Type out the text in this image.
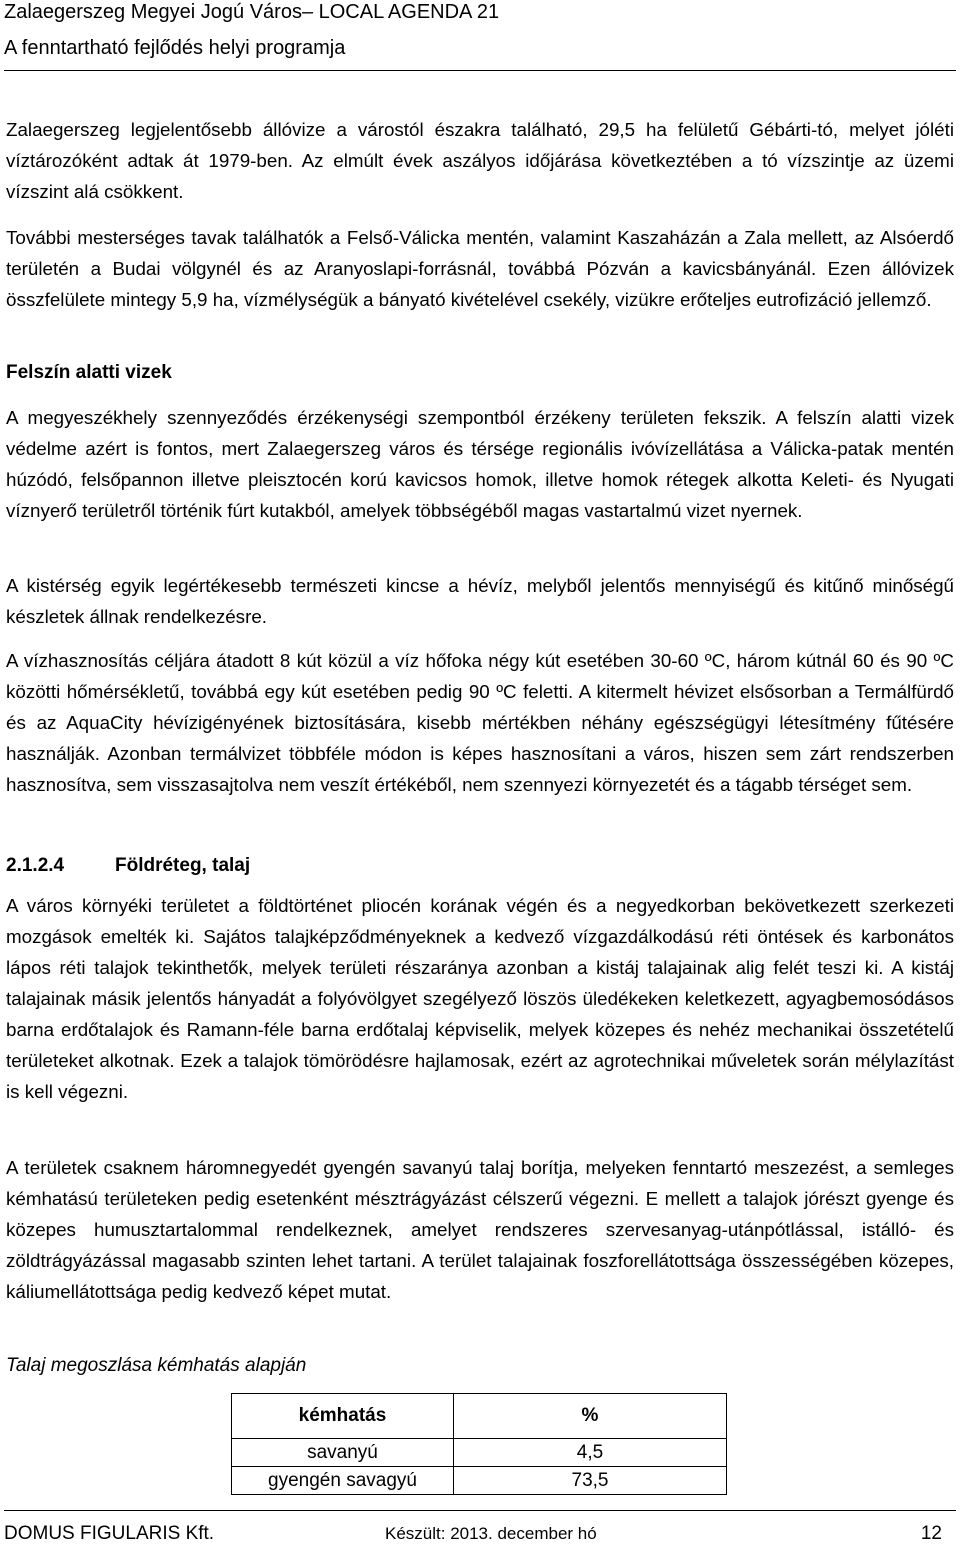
Zalaegerszeg Megyei Jogú Város– LOCAL AGENDA 21
A fenntartható fejlődés helyi programja

Zalaegerszeg legjelentősebb állóvize a várostól északra található, 29,5 ha felületű Gébárti-tó, melyet jóléti víztározóként adtak át 1979-ben. Az elmúlt évek aszályos időjárása következtében a tó vízszintje az üzemi vízszint alá csökkent.

További mesterséges tavak találhatók a Felső-Válicka mentén, valamint Kaszaházán a Zala mellett, az Alsóerdő területén a Budai völgynél és az Aranyoslapi-forrásnál, továbbá Pózván a kavicsbányánál. Ezen állóvizek összfelülete mintegy 5,9 ha, vízmélységük a bányató kivételével csekély, vizükre erőteljes eutrofizáció jellemző.

Felszín alatti vizek

A megyeszékhely szennyeződés érzékenységi szempontból érzékeny területen fekszik. A felszín alatti vizek védelme azért is fontos, mert Zalaegerszeg város és térsége regionális ivóvízellátása a Válicka-patak mentén húzódó, felsőpannon illetve pleisztocén korú kavicsos homok, illetve homok rétegek alkotta Keleti- és Nyugati víznyerő területről történik fúrt kutakból, amelyek többségéből magas vastartalmú vizet nyernek.

A kistérség egyik legértékesebb természeti kincse a hévíz, melyből jelentős mennyiségű és kitűnő minőségű készletek állnak rendelkezésre.

A vízhasznosítás céljára átadott 8 kút közül a víz hőfoka négy kút esetében 30-60 ºC, három kútnál 60 és 90 ºC közötti hőmérsékletű, továbbá egy kút esetében pedig 90 ºC feletti. A kitermelt hévizet elsősorban a Termálfürdő és az AquaCity hévízigényének biztosítására, kisebb mértékben néhány egészségügyi létesítmény fűtésére használják. Azonban termálvizet többféle módon is képes hasznosítani a város, hiszen sem zárt rendszerben hasznosítva, sem visszasajtolva nem veszít értékéből, nem szennyezi környezetét és a tágabb térséget sem.

2.1.2.4	Földréteg, talaj

A város környéki területet a földtörténet pliocén korának végén és a negyedkorban bekövetkezett szerkezeti mozgások emelték ki. Sajátos talajképződményeknek a kedvező vízgazdálkodású réti öntések és karbonátos lápos réti talajok tekinthetők, melyek területi részaránya azonban a kistáj talajainak alig felét teszi ki. A kistáj talajainak másik jelentős hányadát a folyóvölgyet szegélyező löszös üledékeken keletkezett, agyagbemosódásos barna erdőtalajok és Ramann-féle barna erdőtalaj képviselik, melyek közepes és nehéz mechanikai összetételű területeket alkotnak. Ezek a talajok tömörödésre hajlamosak, ezért az agrotechnikai műveletek során mélylazítást is kell végezni.

A területek csaknem háromnegyedét gyengén savanyú talaj borítja, melyeken fenntartó meszezést, a semleges kémhatású területeken pedig esetenként mésztrágyázást célszerű végezni. E mellett a talajok jórészt gyenge és közepes humusztartalommal rendelkeznek, amelyet rendszeres szervesanyag-utánpótlással, istálló- és zöldtrágyázással magasabb szinten lehet tartani. A terület talajainak foszforellátottsága összességében közepes, káliumellátottsága pedig kedvező képet mutat.

Talaj megoszlása kémhatás alapján
kémhatás	%
savanyú	4,5
gyengén savagyú	73,5
DOMUS FIGULARIS Kft.	Készült: 2013. december hó	12
